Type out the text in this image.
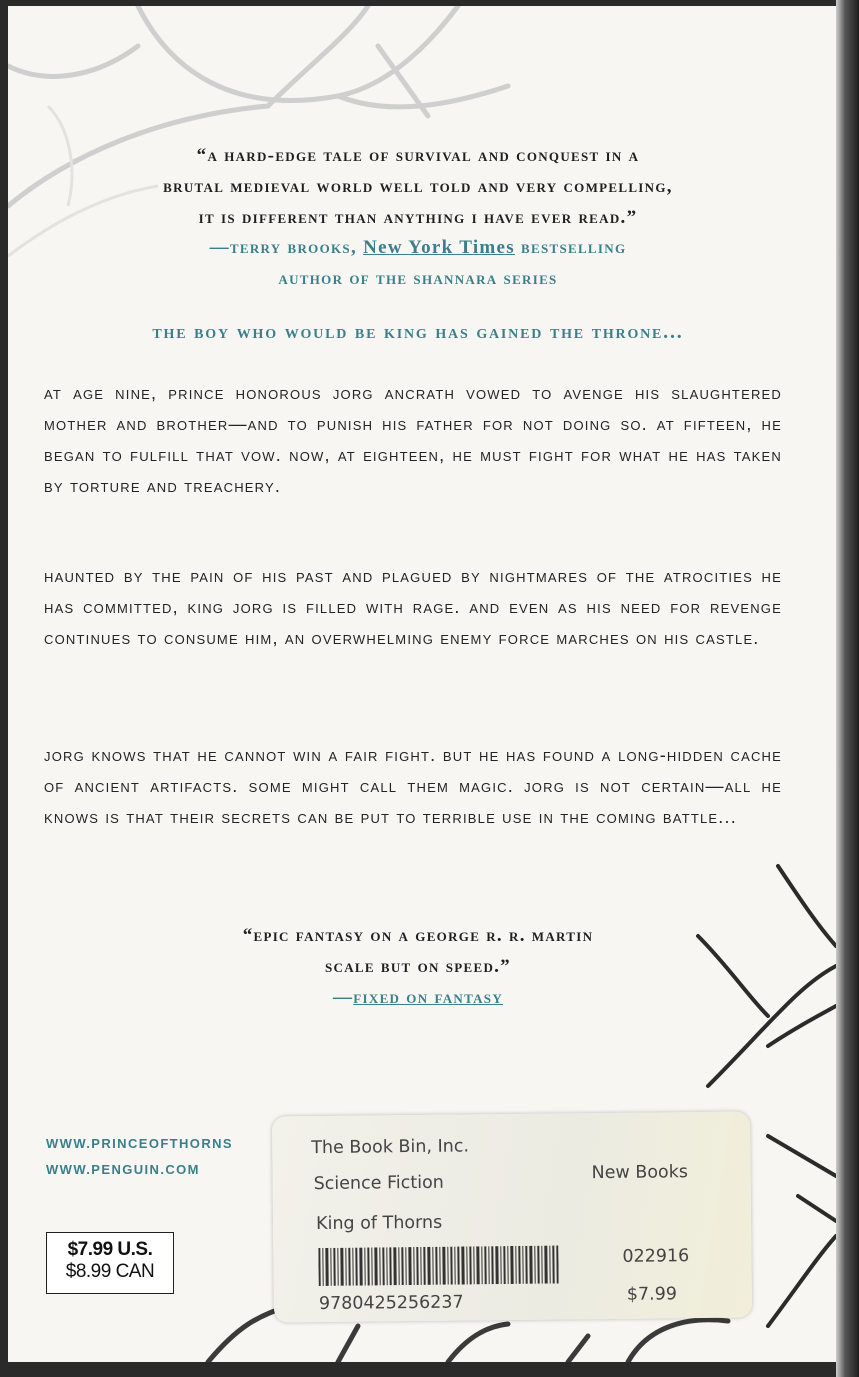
“a hard-edge tale of survival and conquest in a
brutal medieval world well told and very compelling,
it is different than anything i have ever read.”
—terry brooks, New York Times bestselling
author of the shannara series
the boy who would be king has gained the throne...
at age nine, prince honorous jorg ancrath vowed to avenge his slaughtered mother and brother—and to punish his father for not doing so. at fifteen, he began to fulfill that vow. now, at eighteen, he must fight for what he has taken by torture and treachery.
haunted by the pain of his past and plagued by nightmares of the atrocities he has committed, king jorg is filled with rage. and even as his need for revenge continues to consume him, an overwhelming enemy force marches on his castle.
jorg knows that he cannot win a fair fight. but he has found a long-hidden cache of ancient artifacts. some might call them magic. jorg is not certain—all he knows is that their secrets can be put to terrible use in the coming battle...
“epic fantasy on a george r. r. martin
scale but on speed.”
—fixed on fantasy
WWW.PRINCEOFTHORNS
WWW.PENGUIN.COM
$7.99 U.S.
$8.99 CAN
The Book Bin, Inc.
Science Fiction
New Books
King of Thorns
022916
9780425256237	$7.99
